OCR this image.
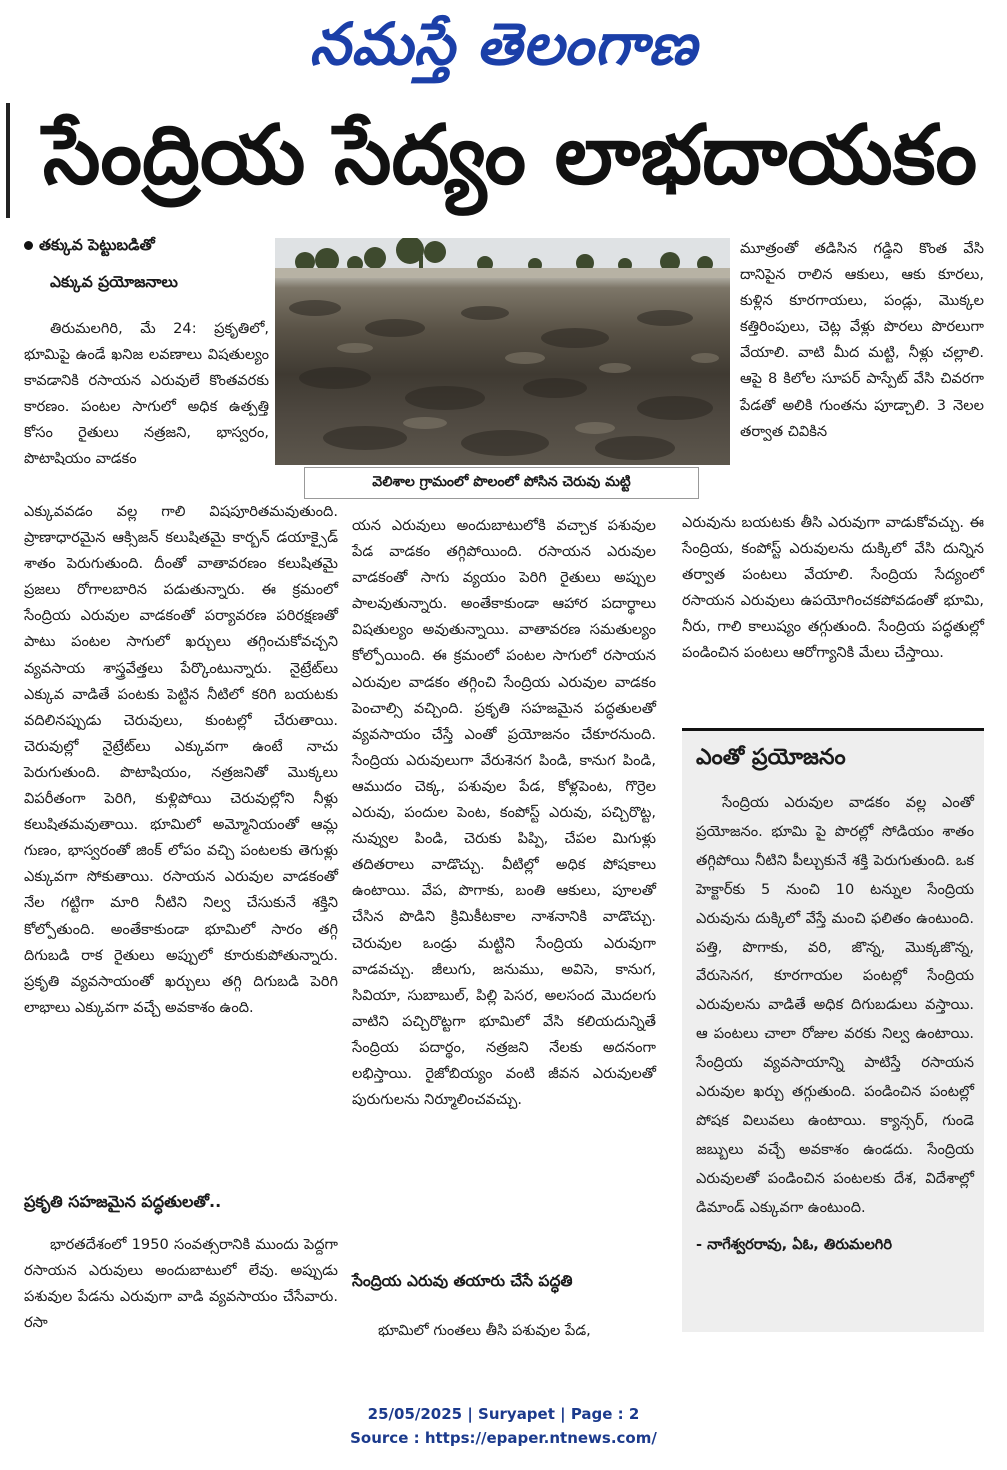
నమస్తే తెలంగాణ
సేంద్రియ సేద్యం లాభదాయకం
తక్కువ పెట్టుబడితో
ఎక్కువ ప్రయోజనాలు

తిరుమలగిరి, మే 24: ప్రకృతిలో, భూమిపై ఉండే ఖనిజ లవణాలు విషతుల్యం కావడానికి రసాయన ఎరువులే కొంతవరకు కారణం. పంటల సాగులో అధిక ఉత్పత్తి కోసం రైతులు నత్రజని, భాస్వరం, పొటాషియం వాడకం

వెలిశాల గ్రామంలో పొలంలో పోసిన చెరువు మట్టి

ఎక్కువవడం వల్ల గాలి విషపూరితమవుతుంది. ప్రాణాధారమైన ఆక్సిజన్ కలుషితమై కార్బన్ డయాక్సైడ్ శాతం పెరుగుతుంది. దీంతో వాతావరణం కలుషితమై ప్రజలు రోగాలబారిన పడుతున్నారు. ఈ క్రమంలో సేంద్రియ ఎరువుల వాడకంతో పర్యావరణ పరిరక్షణతో పాటు పంటల సాగులో ఖర్చులు తగ్గించుకోవచ్చని వ్యవసాయ శాస్త్రవేత్తలు పేర్కొంటున్నారు. నైట్రేట్‌లు ఎక్కువ వాడితే పంటకు పెట్టిన నీటిలో కరిగి బయటకు వదిలినప్పుడు చెరువులు, కుంటల్లో చేరుతాయి. చెరువుల్లో నైట్రేట్‌లు ఎక్కువగా ఉంటే నాచు పెరుగుతుంది. పొటాషియం, నత్రజనితో మొక్కలు విపరీతంగా పెరిగి, కుళ్లిపోయి చెరువుల్లోని నీళ్లు కలుషితమవుతాయి. భూమిలో అమ్మోనియంతో ఆమ్ల గుణం, భాస్వరంతో జింక్ లోపం వచ్చి పంటలకు తెగుళ్లు ఎక్కువగా సోకుతాయి. రసాయన ఎరువుల వాడకంతో నేల గట్టిగా మారి నీటిని నిల్వ చేసుకునే శక్తిని కోల్పోతుంది. అంతేకాకుండా భూమిలో సారం తగ్గి దిగుబడి రాక రైతులు అప్పులో కూరుకుపోతున్నారు. ప్రకృతి వ్యవసాయంతో ఖర్చులు తగ్గి దిగుబడి పెరిగి లాభాలు ఎక్కువగా వచ్చే అవకాశం ఉంది.

ప్రకృతి సహజమైన పద్ధతులతో..

భారతదేశంలో 1950 సంవత్సరానికి ముందు పెద్దగా రసాయన ఎరువులు అందుబాటులో లేవు. అప్పుడు పశువుల పేడను ఎరువుగా వాడి వ్యవసాయం చేసేవారు. రసా

యన ఎరువులు అందుబాటులోకి వచ్చాక పశువుల పేడ వాడకం తగ్గిపోయింది. రసాయన ఎరువుల వాడకంతో సాగు వ్యయం పెరిగి రైతులు అప్పుల పాలవుతున్నారు. అంతేకాకుండా ఆహార పదార్థాలు విషతుల్యం అవుతున్నాయి. వాతావరణ సమతుల్యం కోల్పోయింది. ఈ క్రమంలో పంటల సాగులో రసాయన ఎరువుల వాడకం తగ్గించి సేంద్రియ ఎరువుల వాడకం పెంచాల్సి వచ్చింది. ప్రకృతి సహజమైన పద్ధతులతో వ్యవసాయం చేస్తే ఎంతో ప్రయోజనం చేకూరనుంది. సేంద్రియ ఎరువులుగా వేరుశెనగ పిండి, కానుగ పిండి, ఆముదం చెక్క, పశువుల పేడ, కోళ్లపెంట, గొర్రెల ఎరువు, పందుల పెంట, కంపోస్ట్ ఎరువు, పచ్చిరొట్ట, నువ్వుల పిండి, చెరుకు పిప్పి, చేపల మిగుళ్లు తదితరాలు వాడొచ్చు. వీటిల్లో అధిక పోషకాలు ఉంటాయి. వేప, పొగాకు, బంతి ఆకులు, పూలతో చేసిన పొడిని క్రిమికీటకాల నాశనానికి వాడొచ్చు. చెరువుల ఒండ్రు మట్టిని సేంద్రియ ఎరువుగా వాడవచ్చు. జీలుగు, జనుము, అవిసె, కానుగ, సివియా, సుబాబుల్, పిల్లి పెసర, అలసంద మొదలగు వాటిని పచ్చిరొట్టగా భూమిలో వేసి కలియదున్నితే సేంద్రియ పదార్థం, నత్రజని నేలకు అదనంగా లభిస్తాయి. రైజోబియ్యం వంటి జీవన ఎరువులతో పురుగులను నిర్మూలించవచ్చు.

సేంద్రియ ఎరువు తయారు చేసే పద్ధతి

భూమిలో గుంతలు తీసి పశువుల పేడ,

మూత్రంతో తడిసిన గడ్డిని కొంత వేసి దానిపైన రాలిన ఆకులు, ఆకు కూరలు, కుళ్లిన కూరగాయలు, పండ్లు, మొక్కల కత్తిరింపులు, చెట్ల వేళ్లు పొరలు పొరలుగా వేయాలి. వాటి మీద మట్టి, నీళ్లు చల్లాలి. ఆపై 8 కిలోల సూపర్ పాస్పేట్ వేసి చివరగా పేడతో అలికి గుంతను పూడ్చాలి. 3 నెలల తర్వాత చివికిన

ఎరువును బయటకు తీసి ఎరువుగా వాడుకోవచ్చు. ఈ సేంద్రియ, కంపోస్ట్ ఎరువులను దుక్కిలో వేసి దున్నిన తర్వాత పంటలు వేయాలి. సేంద్రియ సేద్యంలో రసాయన ఎరువులు ఉపయోగించకపోవడంతో భూమి, నీరు, గాలి కాలుష్యం తగ్గుతుంది. సేంద్రియ పద్ధతుల్లో పండించిన పంటలు ఆరోగ్యానికి మేలు చేస్తాయి.

ఎంతో ప్రయోజనం

సేంద్రియ ఎరువుల వాడకం వల్ల ఎంతో ప్రయోజనం. భూమి పై పొరల్లో సోడియం శాతం తగ్గిపోయి నీటిని పీల్చుకునే శక్తి పెరుగుతుంది. ఒక హెక్టార్‌కు 5 నుంచి 10 టన్నుల సేంద్రియ ఎరువును దుక్కిలో వేస్తే మంచి ఫలితం ఉంటుంది. పత్తి, పొగాకు, వరి, జొన్న, మొక్కజొన్న, వేరుసెనగ, కూరగాయల పంటల్లో సేంద్రియ ఎరువులను వాడితే అధిక దిగుబడులు వస్తాయి. ఆ పంటలు చాలా రోజుల వరకు నిల్వ ఉంటాయి. సేంద్రియ వ్యవసాయాన్ని పాటిస్తే రసాయన ఎరువుల ఖర్చు తగ్గుతుంది. పండించిన పంటల్లో పోషక విలువలు ఉంటాయి. క్యాన్సర్, గుండె జబ్బులు వచ్చే అవకాశం ఉండదు. సేంద్రియ ఎరువులతో పండించిన పంటలకు దేశ, విదేశాల్లో డిమాండ్ ఎక్కువగా ఉంటుంది.

- నాగేశ్వరరావు, ఏఓ, తిరుమలగిరి

25/05/2025 | Suryapet | Page : 2
Source : https://epaper.ntnews.com/
